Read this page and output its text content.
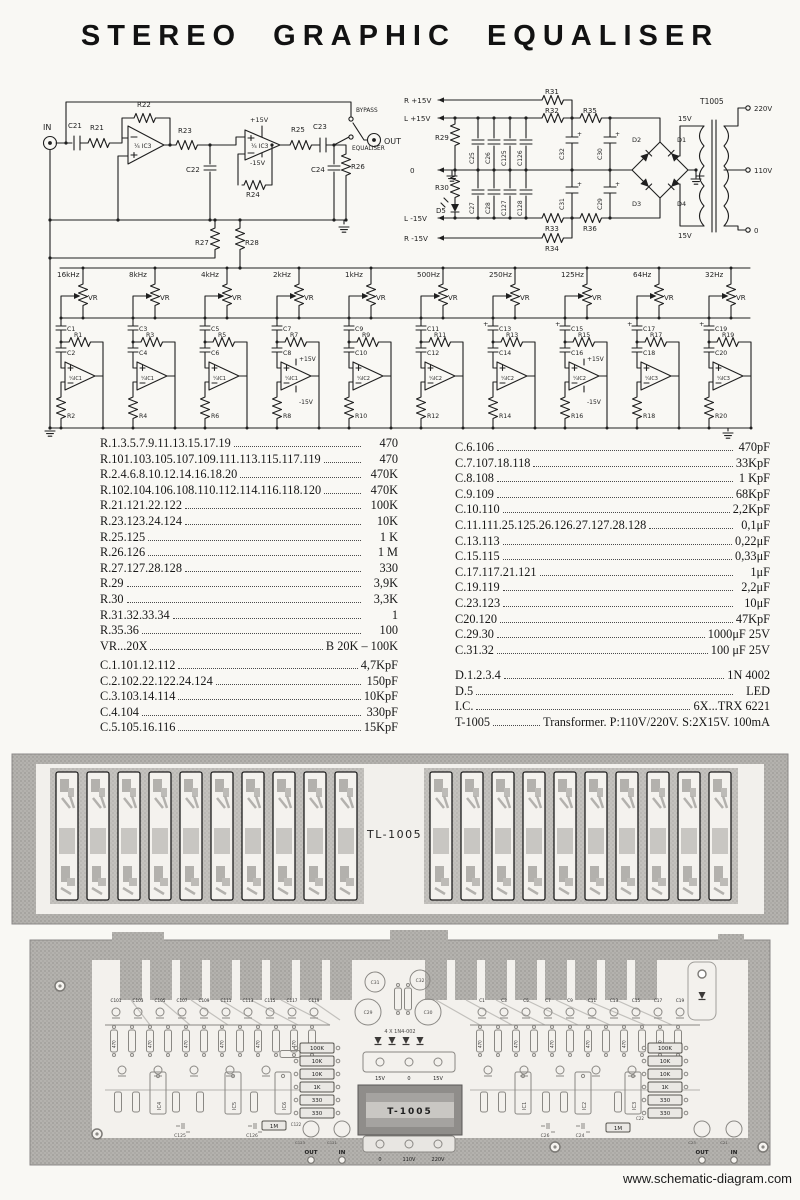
STEREO GRAPHIC EQUALISER
IN C21 R21
R22
¼ IC3
R23
C22
¼ IC3
+15V
-15V
R24
R25 C23
C24	R26
R27	R28
BYPASS
EQUALISER
OUT
R +15V
L +15V
0
L -15V
R -15V
R29
R30
D5
C25 C26 C125 C126
C27 C28 C127 C128
R31
R32	R35
R33	R36
R34
C32	C30
C31	C29
+	+
+	+
D2	D1
D3	D4
15V
15V
T1005
220V
110V
0
16kHz	8kHz	4kHz	2kHz	1kHz	500Hz	250Hz	125Hz	64Hz	32Hz
VR	VR	VR	VR	VR	VR	VR	VR	VR	VR
C1	C3	C5	C7	C9	C11	C13	C15	C17	C19
R1	R3	R5	R7	R9	R11	R13	R15	R17	R19
C2	C4	C6	C8	C10	C12	C14	C16	C18	C20
R2	R4	R6	R8	R10	R12	R14	R16	R18	R20
+	+	+	+
¼IC1	¼IC1	¼IC1	¼IC1	¼IC2	¼IC2	¼IC2	¼IC2	¼IC3	¼IC3
+15V
-15V
+15V
-15V
R.1.3.5.7.9.11.13.15.17.19	470
R.101.103.105.107.109.111.113.115.117.119	470
R.2.4.6.8.10.12.14.16.18.20	470K
R.102.104.106.108.110.112.114.116.118.120	470K
R.21.121.22.122	100K
R.23.123.24.124	10K
R.25.125	1 K
R.26.126	1 M
R.27.127.28.128	330
R.29	3,9K
R.30	3,3K
R.31.32.33.34	1
R.35.36	100
VR...20X	B 20K – 100K
C.1.101.12.112	4,7KpF
C.2.102.22.122.24.124	150pF
C.3.103.14.114	10KpF
C.4.104	330pF
C.5.105.16.116	15KpF
C.6.106	470pF
C.7.107.18.118	33KpF
C.8.108	1 KpF
C.9.109	68KpF
C.10.110	2,2KpF
C.11.111.25.125.26.126.27.127.28.128	0,1μF
C.13.113	0,22μF
C.15.115	0,33μF
C.17.117.21.121	1μF
C.19.119	2,2μF
C.23.123	10μF
C20.120	47KpF
C.29.30	1000μF 25V
C.31.32	100 μF 25V
D.1.2.3.4	1N 4002
D.5	LED
I.C.	6X...TRX 6221
T-1005	Transformer. P:110V/220V. S:2X15V. 100mA
TL-1005
C101	C103	C105	C107	C109	C111	C113	C115	C117	C119
470	470	470	470	470	470
IC4	IC5	IC6
C125	C126
100K
10K
10K
1K
330
330
1M	C122
C123	C121
OUT	IN
C31	C32
C29	C30
4 X 1N4-002
15V	0	15V
T-1005
0	110V	220V
C1	C3	C5	C7	C9	C11	C13	C15	C17	C19
470	470	470	470	470
IC1	IC2	IC3
C26	C24
1M
C22
100K
10K
10K
1K
330
330
C23	C21
OUT	IN
www.schematic-diagram.com
